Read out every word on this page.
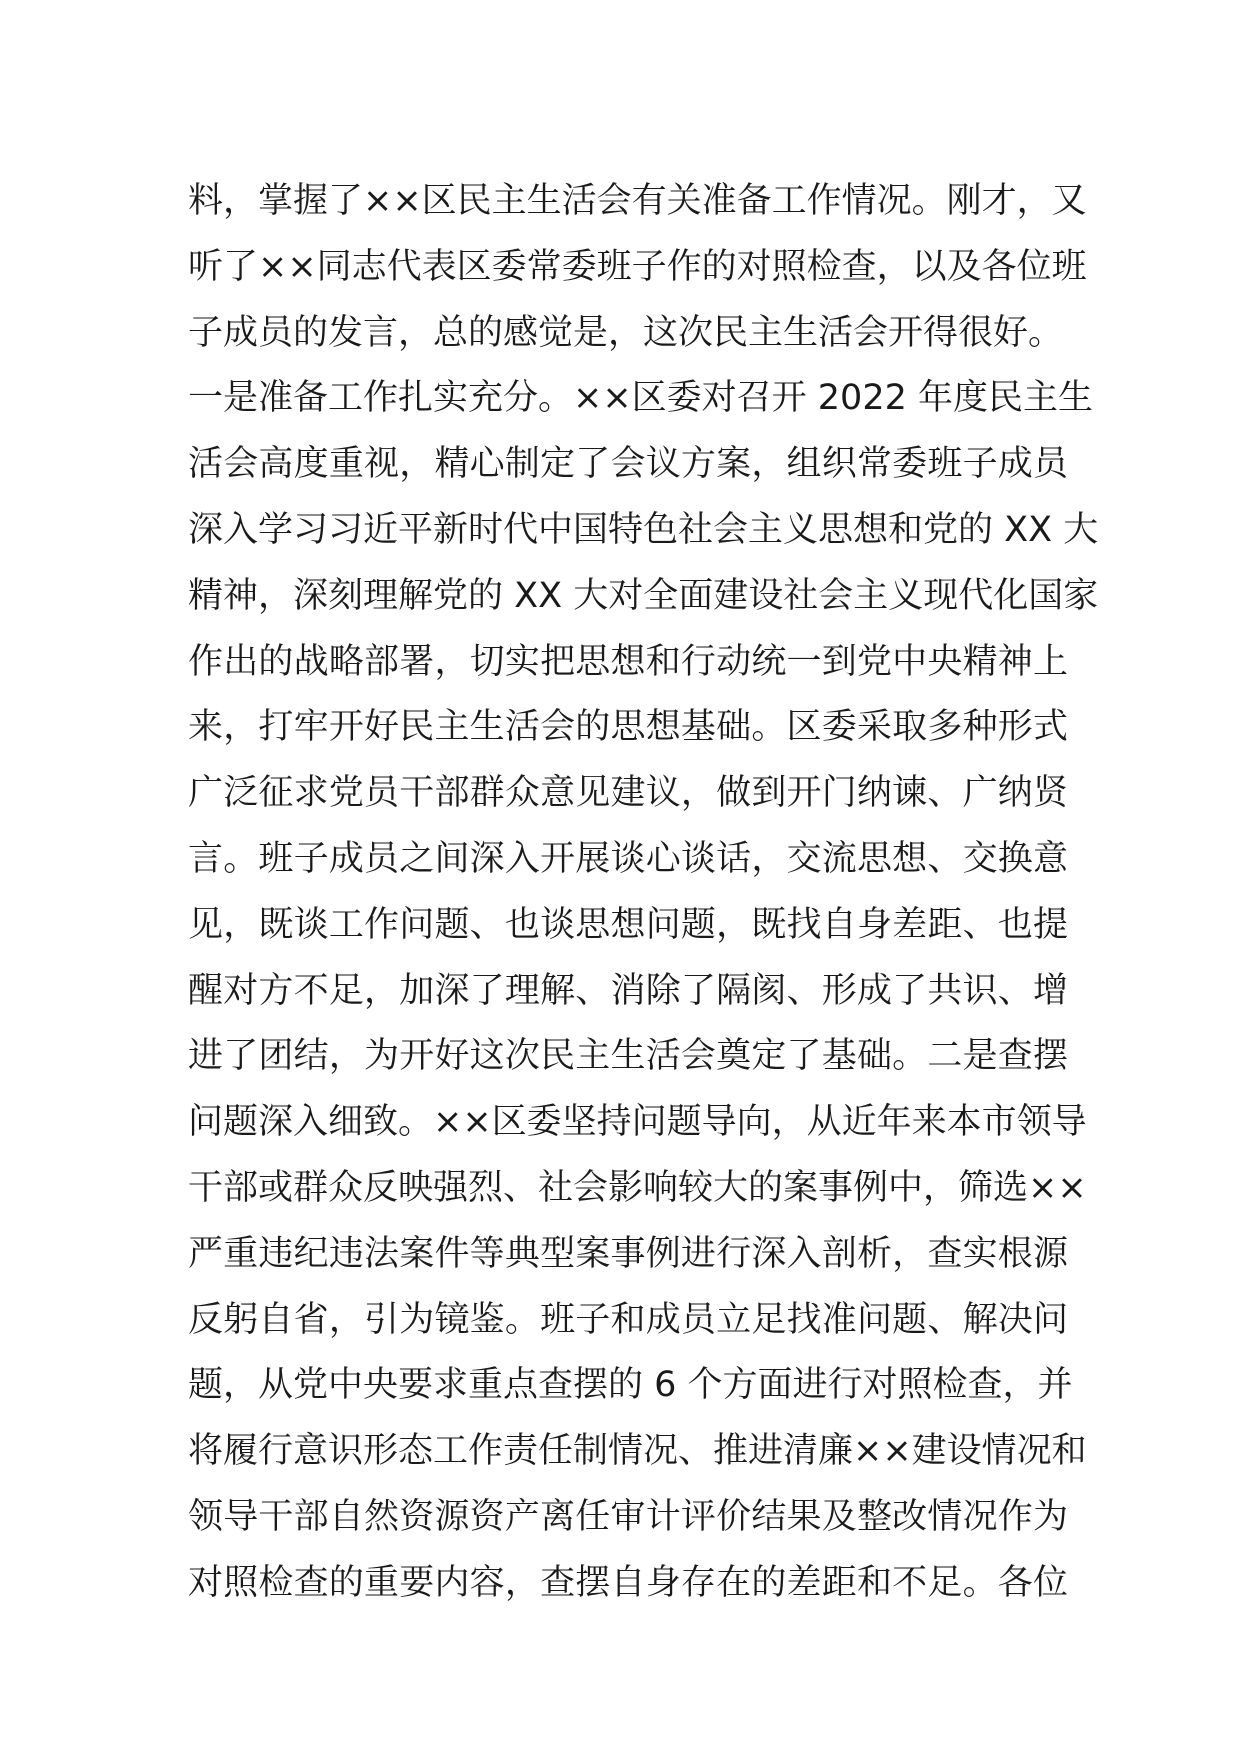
料，掌握了××区民主生活会有关准备工作情况。刚才，又
听了××同志代表区委常委班子作的对照检查，以及各位班
子成员的发言，总的感觉是，这次民主生活会开得很好。
一是准备工作扎实充分。××区委对召开 2022 年度民主生
活会高度重视，精心制定了会议方案，组织常委班子成员
深入学习习近平新时代中国特色社会主义思想和党的 XX 大
精神，深刻理解党的 XX 大对全面建设社会主义现代化国家
作出的战略部署，切实把思想和行动统一到党中央精神上
来，打牢开好民主生活会的思想基础。区委采取多种形式
广泛征求党员干部群众意见建议，做到开门纳谏、广纳贤
言。班子成员之间深入开展谈心谈话，交流思想、交换意
见，既谈工作问题、也谈思想问题，既找自身差距、也提
醒对方不足，加深了理解、消除了隔阂、形成了共识、增
进了团结，为开好这次民主生活会奠定了基础。二是查摆
问题深入细致。××区委坚持问题导向，从近年来本市领导
干部或群众反映强烈、社会影响较大的案事例中，筛选××
严重违纪违法案件等典型案事例进行深入剖析，查实根源
反躬自省，引为镜鉴。班子和成员立足找准问题、解决问
题，从党中央要求重点查摆的 6 个方面进行对照检查，并
将履行意识形态工作责任制情况、推进清廉××建设情况和
领导干部自然资源资产离任审计评价结果及整改情况作为
对照检查的重要内容，查摆自身存在的差距和不足。各位
